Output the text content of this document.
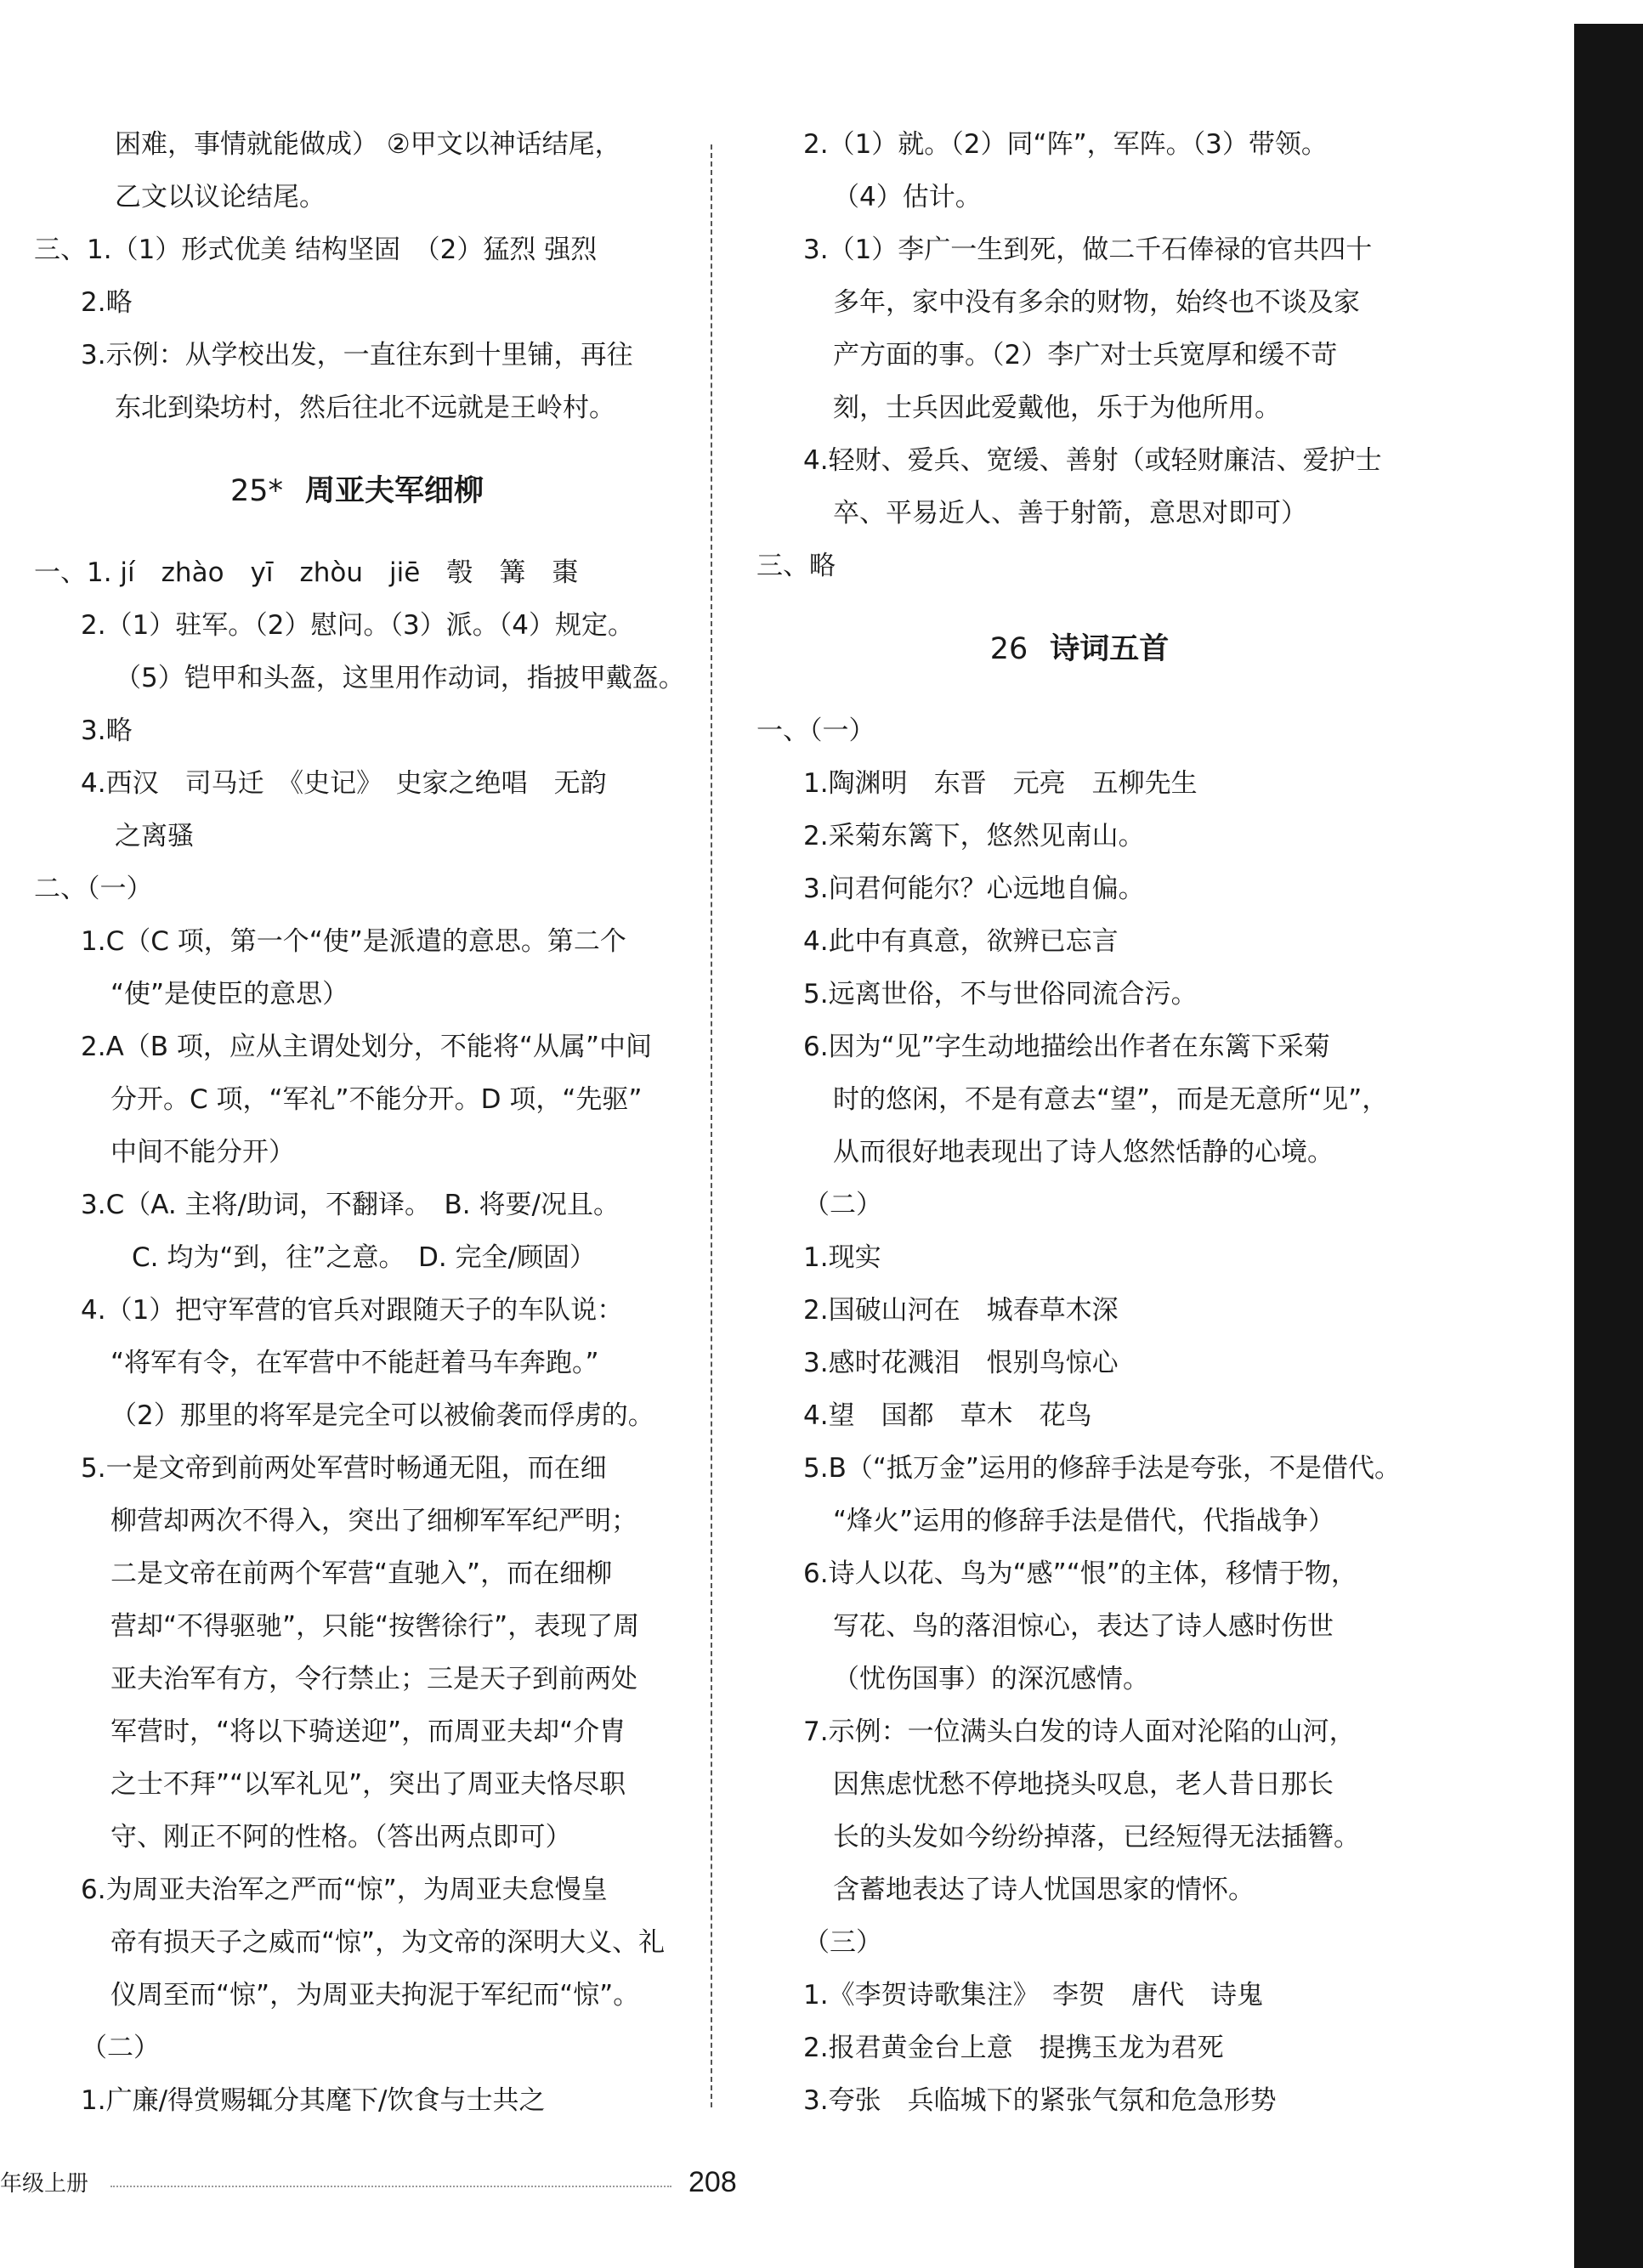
困难，事情就能做成） ②甲文以神话结尾，
乙文以议论结尾。
三、1.（1）形式优美 结构坚固　（2）猛烈 强烈
2.略
3.示例：从学校出发，一直往东到十里铺，再往
东北到染坊村，然后往北不远就是王岭村。
25* 周亚夫军细柳
一、1. jí　zhào　yī　zhòu　jiē　彀　篝　棗
2.（1）驻军。（2）慰问。（3）派。（4）规定。
（5）铠甲和头盔，这里用作动词，指披甲戴盔。
3.略
4.西汉　司马迁　《史记》　史家之绝唱　无韵
之离骚
二、（一）
1.C（C 项，第一个“使”是派遣的意思。第二个
“使”是使臣的意思）
2.A（B 项，应从主谓处划分，不能将“从属”中间
分开。C 项，“军礼”不能分开。D 项，“先驱”
中间不能分开）
3.C（A. 主将/助词，不翻译。　B. 将要/况且。
C. 均为“到，往”之意。　D. 完全/顾固）
4.（1）把守军营的官兵对跟随天子的车队说：
“将军有令，在军营中不能赶着马车奔跑。”
（2）那里的将军是完全可以被偷袭而俘虏的。
5.一是文帝到前两处军营时畅通无阻，而在细
柳营却两次不得入，突出了细柳军军纪严明；
二是文帝在前两个军营“直驰入”，而在细柳
营却“不得驱驰”，只能“按辔徐行”，表现了周
亚夫治军有方，令行禁止；三是天子到前两处
军营时，“将以下骑送迎”，而周亚夫却“介胄
之士不拜”“以军礼见”，突出了周亚夫恪尽职
守、刚正不阿的性格。（答出两点即可）
6.为周亚夫治军之严而“惊”，为周亚夫怠慢皇
帝有损天子之威而“惊”，为文帝的深明大义、礼
仪周至而“惊”，为周亚夫拘泥于军纪而“惊”。
（二）
1.广廉/得赏赐辄分其麾下/饮食与士共之
2.（1）就。（2）同“阵”，军阵。（3）带领。
（4）估计。
3.（1）李广一生到死，做二千石俸禄的官共四十
多年，家中没有多余的财物，始终也不谈及家
产方面的事。（2）李广对士兵宽厚和缓不苛
刻，士兵因此爱戴他，乐于为他所用。
4.轻财、爱兵、宽缓、善射（或轻财廉洁、爱护士
卒、平易近人、善于射箭，意思对即可）
三、略
26 诗词五首
一、（一）
1.陶渊明　东晋　元亮　五柳先生
2.采菊东篱下，悠然见南山。
3.问君何能尔？心远地自偏。
4.此中有真意，欲辨已忘言
5.远离世俗，不与世俗同流合污。
6.因为“见”字生动地描绘出作者在东篱下采菊
时的悠闲，不是有意去“望”，而是无意所“见”，
从而很好地表现出了诗人悠然恬静的心境。
（二）
1.现实
2.国破山河在　城春草木深
3.感时花溅泪　恨别鸟惊心
4.望　国都　草木　花鸟
5.B（“抵万金”运用的修辞手法是夸张，不是借代。
“烽火”运用的修辞手法是借代，代指战争）
6.诗人以花、鸟为“感”“恨”的主体，移情于物，
写花、鸟的落泪惊心，表达了诗人感时伤世
（忧伤国事）的深沉感情。
7.示例：一位满头白发的诗人面对沦陷的山河，
因焦虑忧愁不停地挠头叹息，老人昔日那长
长的头发如今纷纷掉落，已经短得无法插簪。
含蓄地表达了诗人忧国思家的情怀。
（三）
1.《李贺诗歌集注》　李贺　唐代　诗鬼
2.报君黄金台上意　提携玉龙为君死
3.夸张　兵临城下的紧张气氛和危急形势
年级上册	208
